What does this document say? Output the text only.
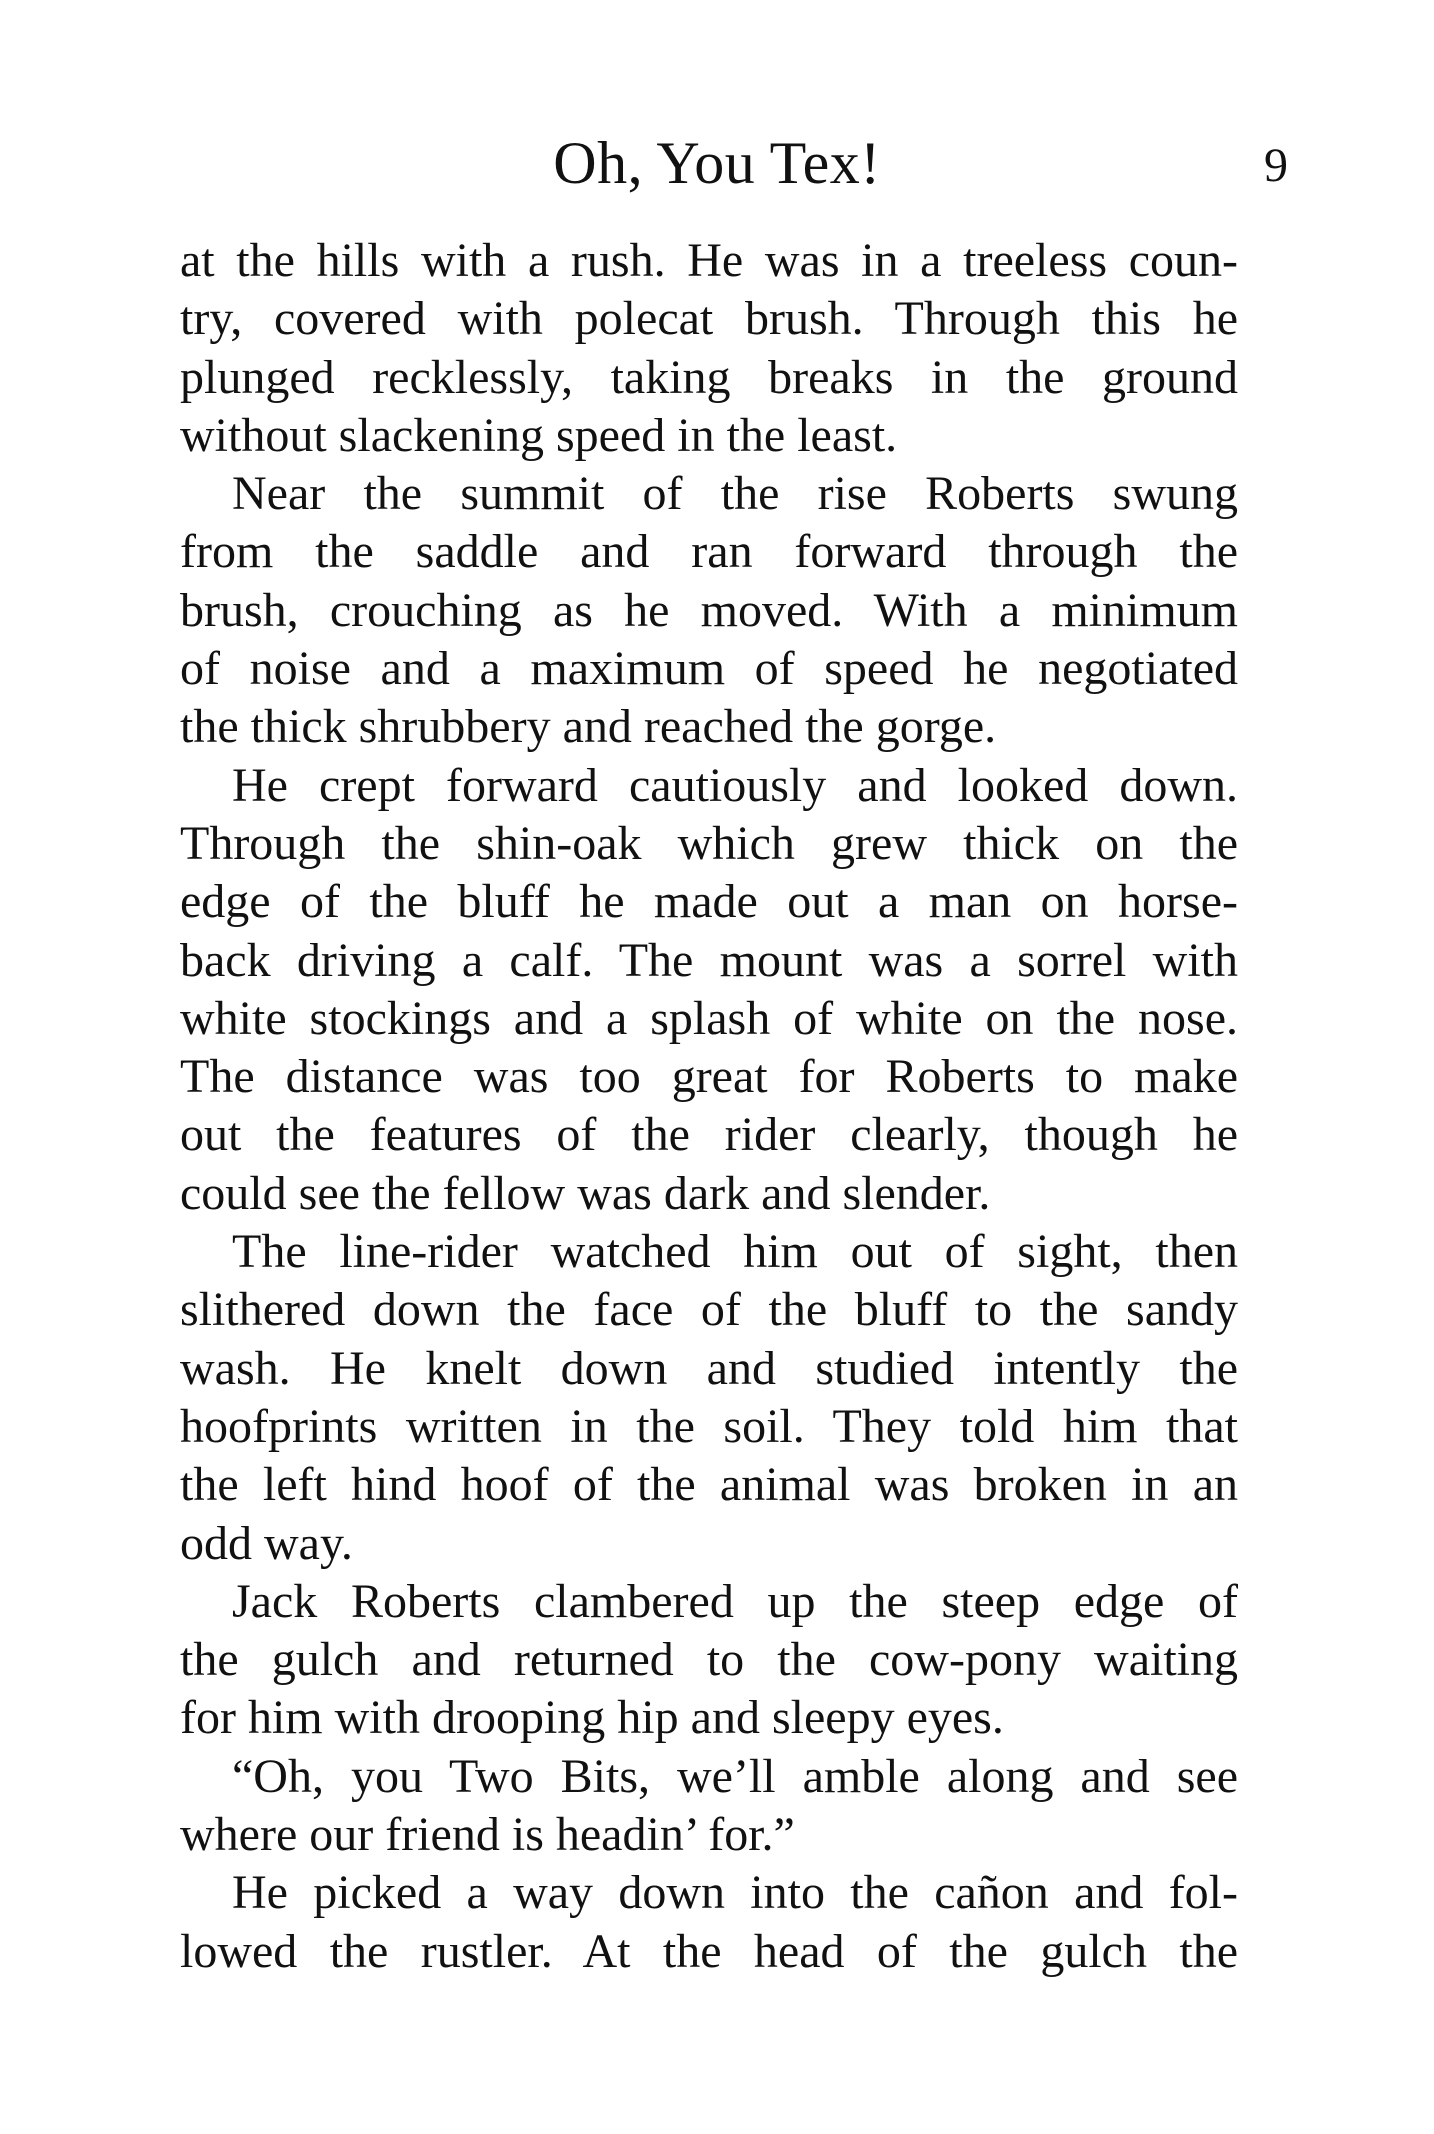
Oh, You Tex!	9
at the hills with a rush. He was in a treeless coun-
try, covered with polecat brush. Through this he
plunged recklessly, taking breaks in the ground
without slackening speed in the least.
Near the summit of the rise Roberts swung
from the saddle and ran forward through the
brush, crouching as he moved. With a minimum
of noise and a maximum of speed he negotiated
the thick shrubbery and reached the gorge.
He crept forward cautiously and looked down.
Through the shin-oak which grew thick on the
edge of the bluff he made out a man on horse-
back driving a calf. The mount was a sorrel with
white stockings and a splash of white on the nose.
The distance was too great for Roberts to make
out the features of the rider clearly, though he
could see the fellow was dark and slender.
The line-rider watched him out of sight, then
slithered down the face of the bluff to the sandy
wash. He knelt down and studied intently the
hoofprints written in the soil. They told him that
the left hind hoof of the animal was broken in an
odd way.
Jack Roberts clambered up the steep edge of
the gulch and returned to the cow-pony waiting
for him with drooping hip and sleepy eyes.
“Oh, you Two Bits, we’ll amble along and see
where our friend is headin’ for.”
He picked a way down into the cañon and fol-
lowed the rustler. At the head of the gulch the
